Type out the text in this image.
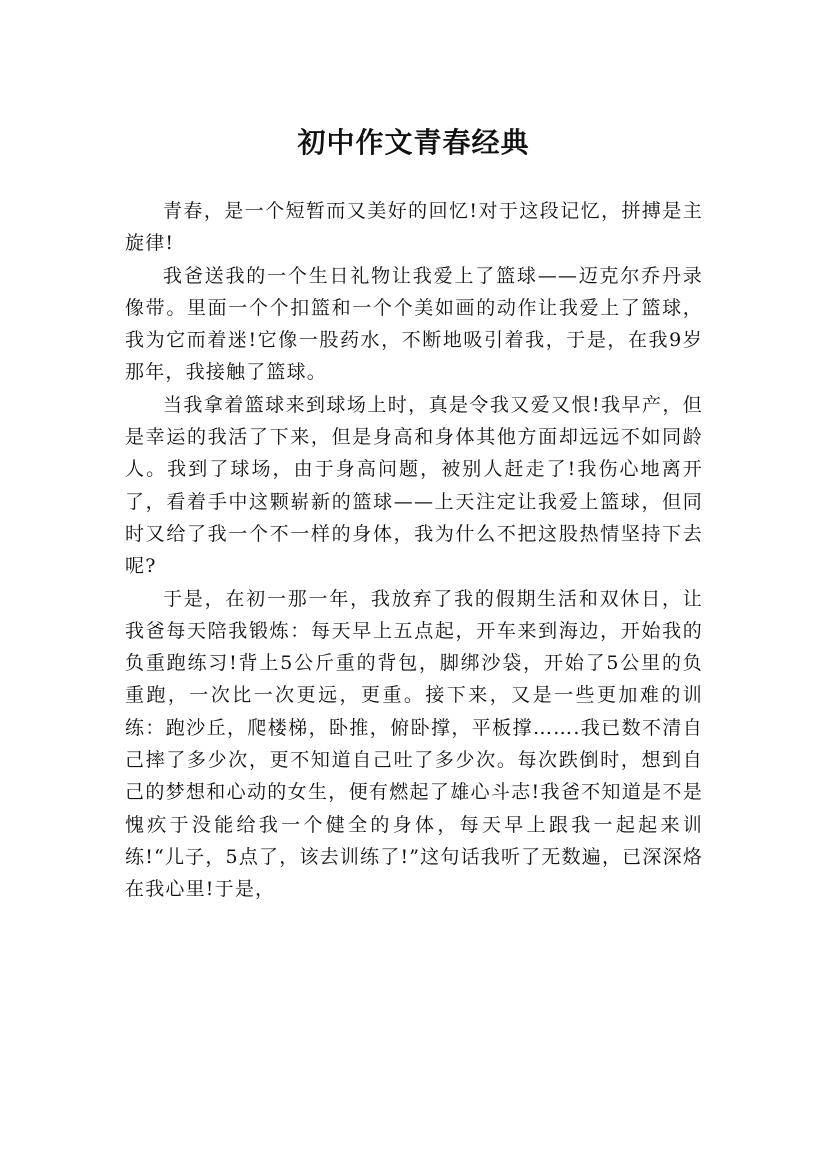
初中作文青春经典

青春，是一个短暂而又美好的回忆!对于这段记忆，拼搏是主旋律!

我爸送我的一个生日礼物让我爱上了篮球——迈克尔乔丹录像带。里面一个个扣篮和一个个美如画的动作让我爱上了篮球，我为它而着迷!它像一股药水，不断地吸引着我，于是，在我9岁那年，我接触了篮球。

当我拿着篮球来到球场上时，真是令我又爱又恨!我早产，但是幸运的我活了下来，但是身高和身体其他方面却远远不如同龄人。我到了球场，由于身高问题，被别人赶走了!我伤心地离开了，看着手中这颗崭新的篮球——上天注定让我爱上篮球，但同时又给了我一个不一样的身体，我为什么不把这股热情坚持下去呢?

于是，在初一那一年，我放弃了我的假期生活和双休日，让我爸每天陪我锻炼：每天早上五点起，开车来到海边，开始我的负重跑练习!背上5公斤重的背包，脚绑沙袋，开始了5公里的负重跑，一次比一次更远，更重。接下来，又是一些更加难的训练：跑沙丘，爬楼梯，卧推，俯卧撑，平板撑…….我已数不清自己摔了多少次，更不知道自己吐了多少次。每次跌倒时，想到自己的梦想和心动的女生，便有燃起了雄心斗志!我爸不知道是不是愧疚于没能给我一个健全的身体，每天早上跟我一起起来训练!“儿子，5点了，该去训练了!”这句话我听了无数遍，已深深烙在我心里!于是，
